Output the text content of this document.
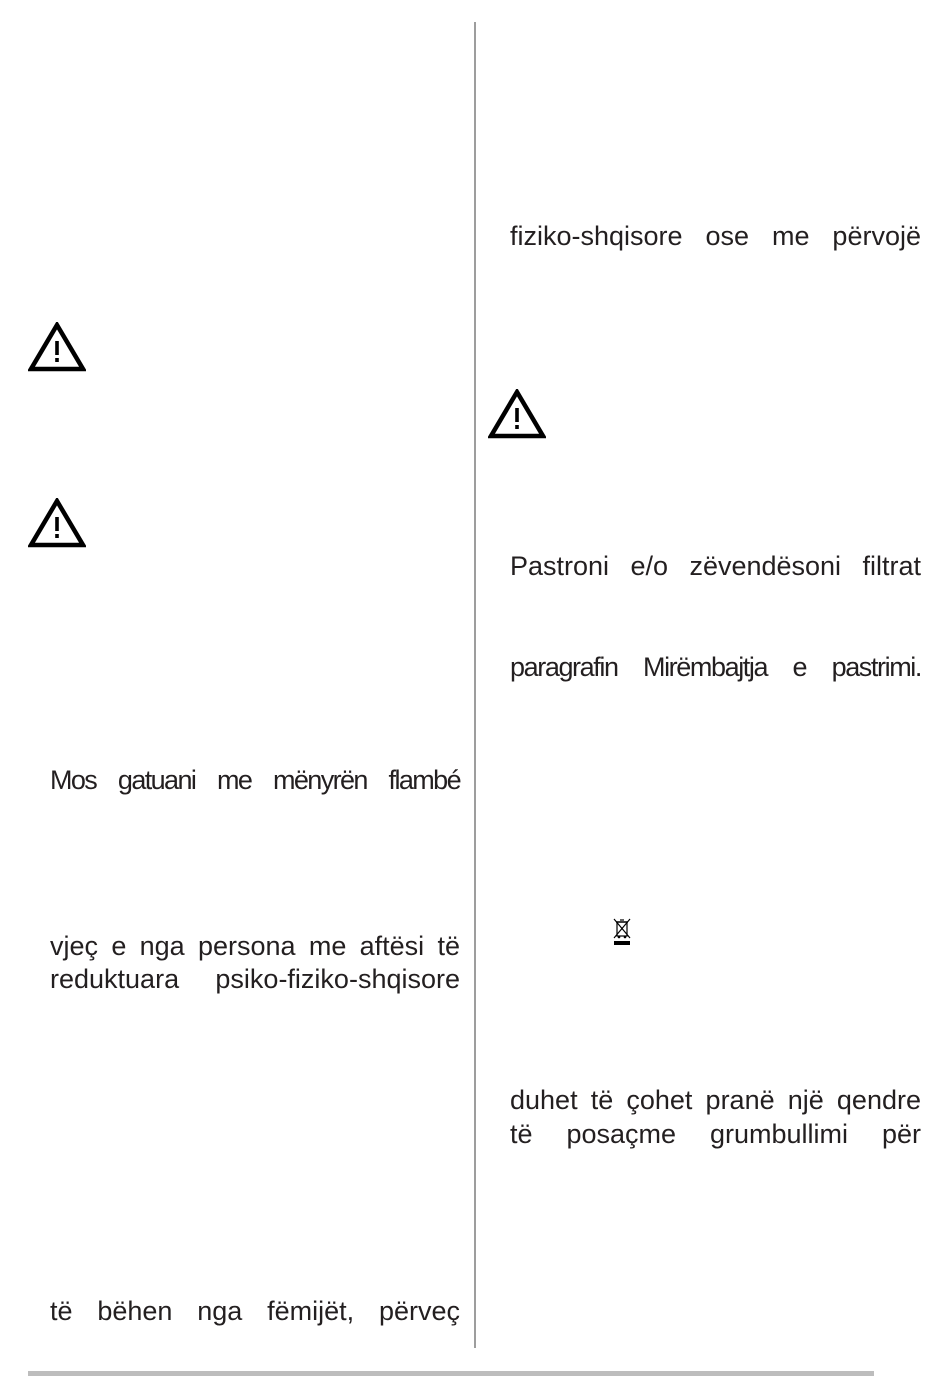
Mos gatuani me mënyrën flambé
vjeç e nga persona me aftësi të
reduktuara psiko-fiziko-shqisore
të bëhen nga fëmijët, përveç
fiziko-shqisore ose me përvojë
Pastroni e/o zëvendësoni filtrat
paragrafin Mirëmbajtja e pastrimi.
duhet të çohet pranë një qendre
të posaçme grumbullimi për
